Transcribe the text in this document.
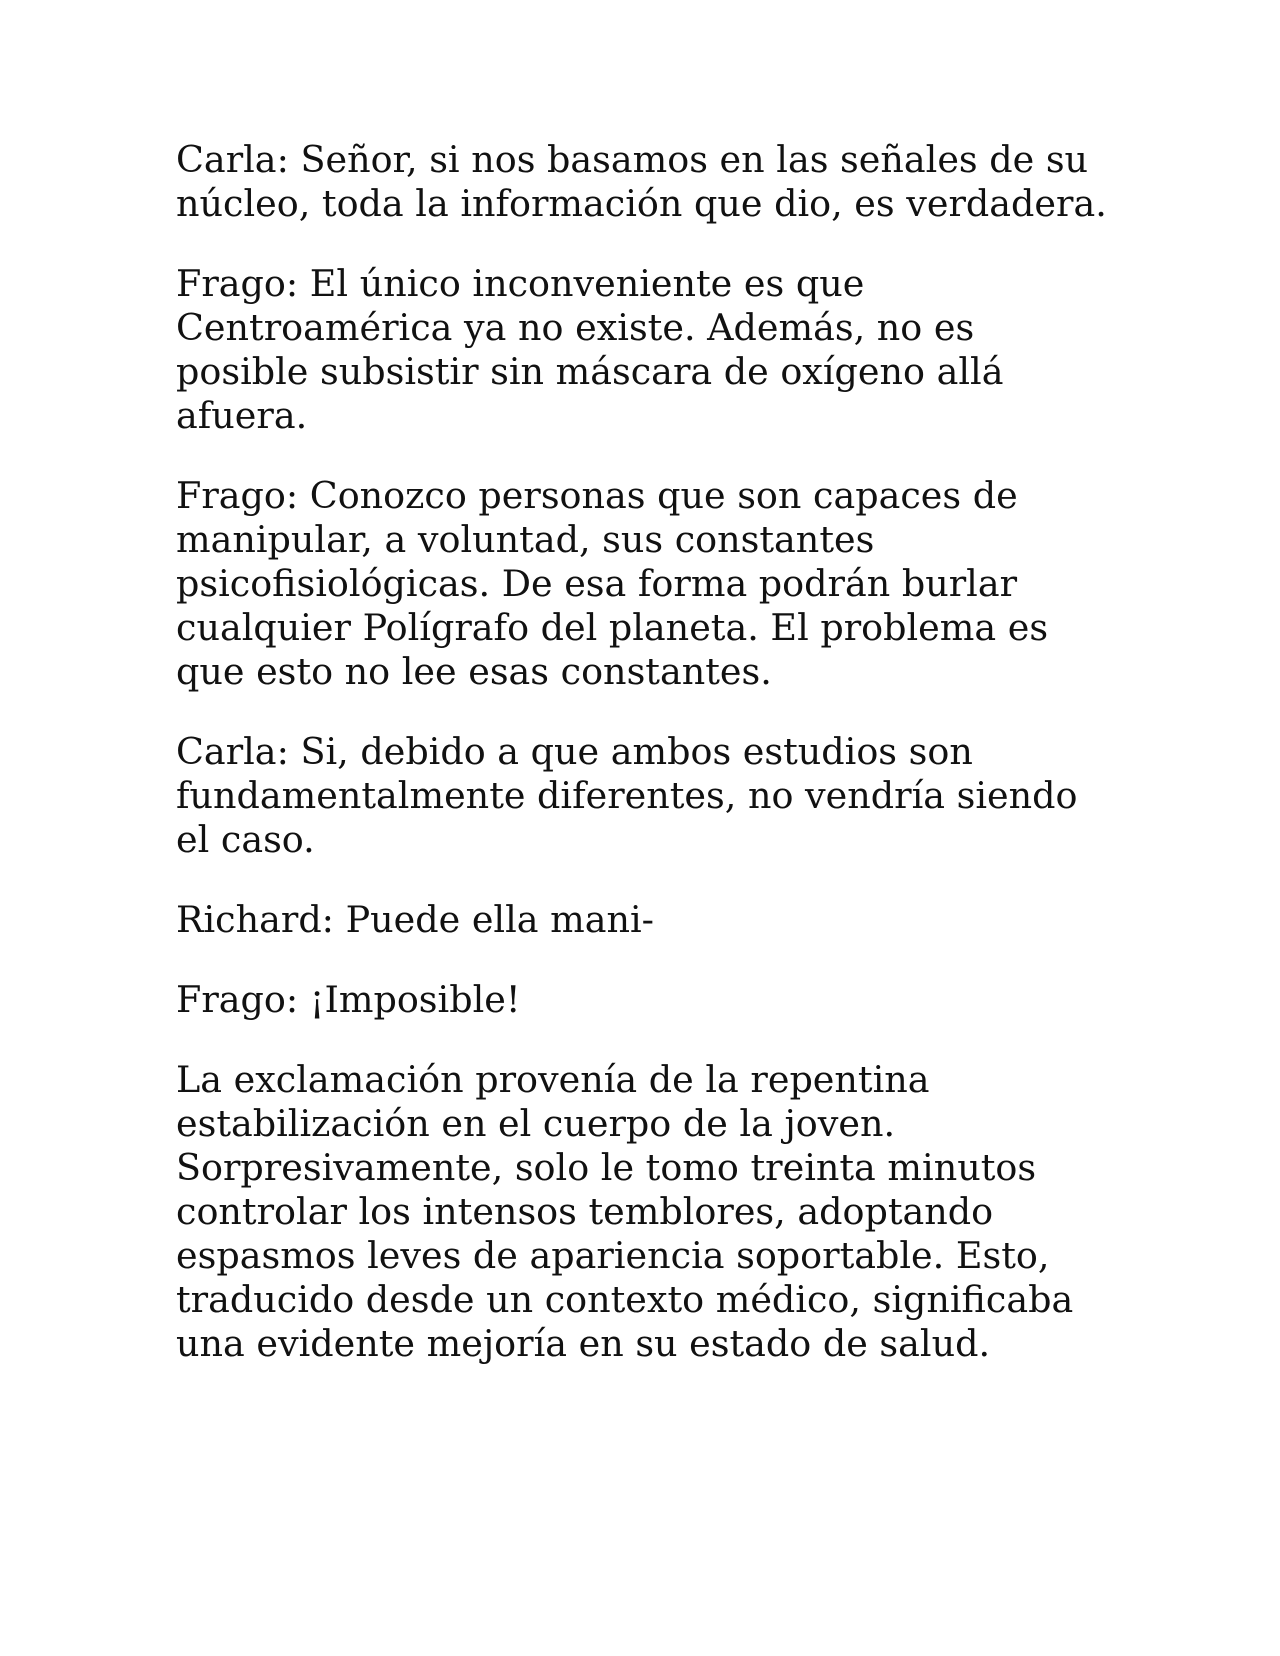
Carla: Señor, si nos basamos en las señales de su núcleo, toda la información que dio, es verdadera.

Frago: El único inconveniente es que Centroamérica ya no existe. Además, no es posible subsistir sin máscara de oxígeno allá afuera.

Frago: Conozco personas que son capaces de manipular, a voluntad, sus constantes psicofisiológicas. De esa forma podrán burlar cualquier Polígrafo del planeta. El problema es que esto no lee esas constantes.

Carla: Si, debido a que ambos estudios son fundamentalmente diferentes, no vendría siendo el caso.

Richard: Puede ella mani-

Frago: ¡Imposible!

La exclamación provenía de la repentina estabilización en el cuerpo de la joven. Sorpresivamente, solo le tomo treinta minutos controlar los intensos temblores, adoptando espasmos leves de apariencia soportable. Esto, traducido desde un contexto médico, significaba una evidente mejoría en su estado de salud.
